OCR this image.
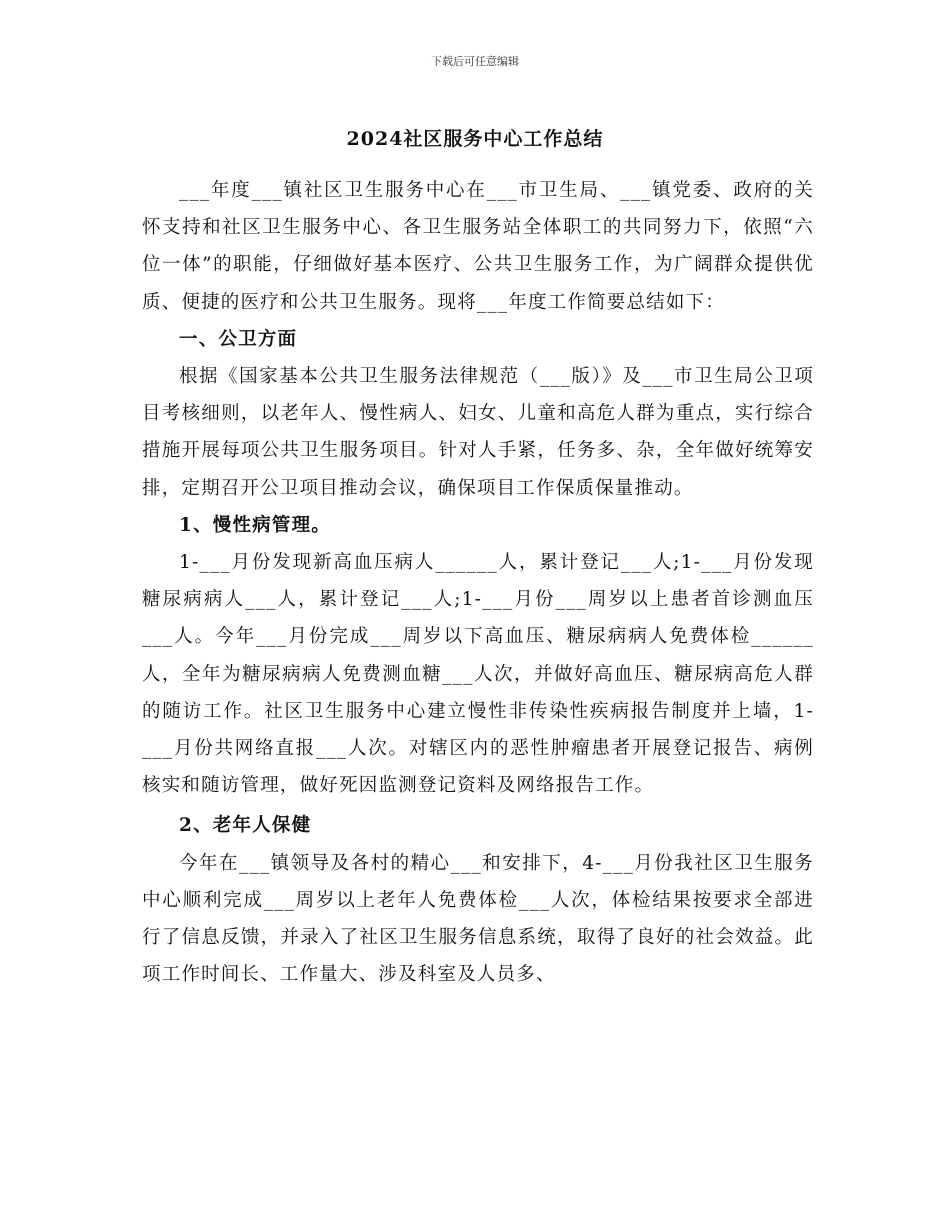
下载后可任意编辑
2024社区服务中心工作总结

___年度___镇社区卫生服务中心在___市卫生局、___镇党委、政府的关怀支持和社区卫生服务中心、各卫生服务站全体职工的共同努力下，依照“六位一体”的职能，仔细做好基本医疗、公共卫生服务工作，为广阔群众提供优质、便捷的医疗和公共卫生服务。现将___年度工作简要总结如下：

一、公卫方面

根据《国家基本公共卫生服务法律规范（___版）》及___市卫生局公卫项目考核细则，以老年人、慢性病人、妇女、儿童和高危人群为重点，实行综合措施开展每项公共卫生服务项目。针对人手紧，任务多、杂，全年做好统筹安排，定期召开公卫项目推动会议，确保项目工作保质保量推动。

1、慢性病管理。

1-___月份发现新高血压病人______人，累计登记___人;1-___月份发现糖尿病病人___人，累计登记___人;1-___月份___周岁以上患者首诊测血压___人。今年___月份完成___周岁以下高血压、糖尿病病人免费体检______人，全年为糖尿病病人免费测血糖___人次，并做好高血压、糖尿病高危人群的随访工作。社区卫生服务中心建立慢性非传染性疾病报告制度并上墙，1-___月份共网络直报___人次。对辖区内的恶性肿瘤患者开展登记报告、病例核实和随访管理，做好死因监测登记资料及网络报告工作。

2、老年人保健

今年在___镇领导及各村的精心___和安排下，4-___月份我社区卫生服务中心顺利完成___周岁以上老年人免费体检___人次，体检结果按要求全部进行了信息反馈，并录入了社区卫生服务信息系统，取得了良好的社会效益。此项工作时间长、工作量大、涉及科室及人员多、
